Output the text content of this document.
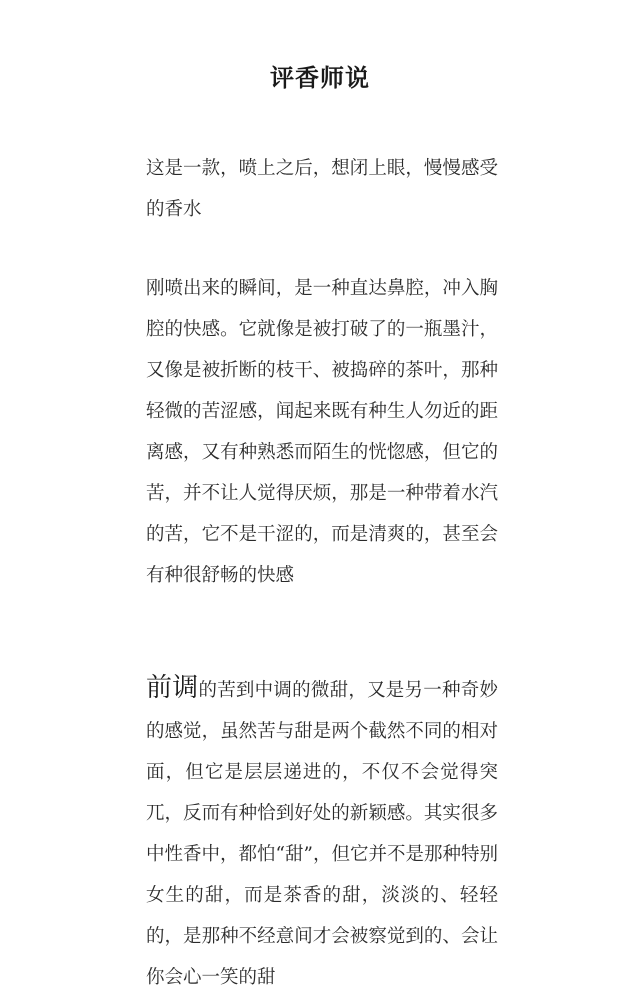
评香师说

这是一款，喷上之后，想闭上眼，慢慢感受的香水

刚喷出来的瞬间，是一种直达鼻腔，冲入胸腔的快感。它就像是被打破了的一瓶墨汁，又像是被折断的枝干、被捣碎的茶叶，那种轻微的苦涩感，闻起来既有种生人勿近的距离感，又有种熟悉而陌生的恍惚感，但它的苦，并不让人觉得厌烦，那是一种带着水汽的苦，它不是干涩的，而是清爽的，甚至会有种很舒畅的快感

前调的苦到中调的微甜，又是另一种奇妙的感觉，虽然苦与甜是两个截然不同的相对面，但它是层层递进的，不仅不会觉得突兀，反而有种恰到好处的新颖感。其实很多中性香中，都怕“甜”，但它并不是那种特别女生的甜，而是茶香的甜，淡淡的、轻轻的，是那种不经意间才会被察觉到的、会让你会心一笑的甜
